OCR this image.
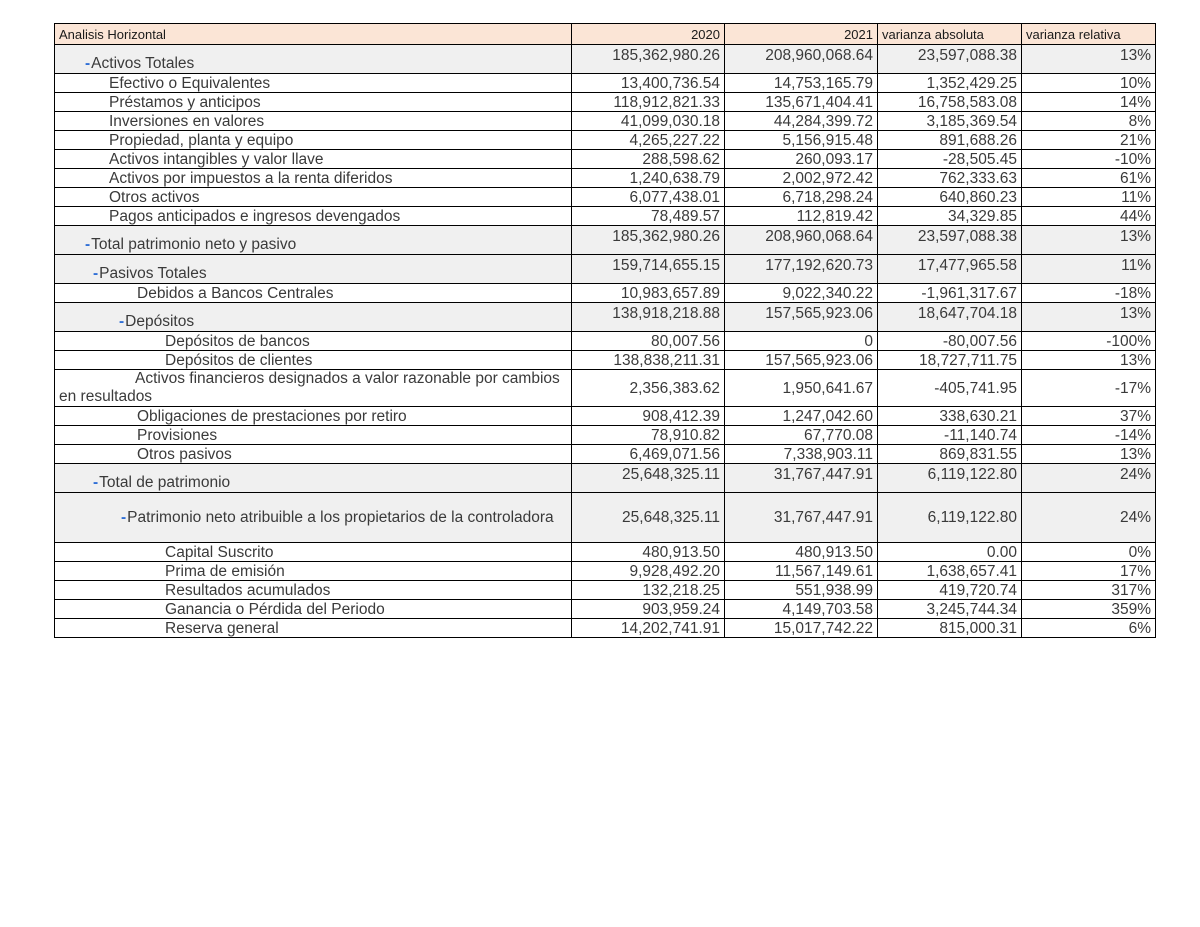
Analisis Horizontal	2020	2021	varianza absoluta	varianza relativa
-Activos Totales	185,362,980.26	208,960,068.64	23,597,088.38	13%
Efectivo o Equivalentes	13,400,736.54	14,753,165.79	1,352,429.25	10%
Préstamos y anticipos	118,912,821.33	135,671,404.41	16,758,583.08	14%
Inversiones en valores	41,099,030.18	44,284,399.72	3,185,369.54	8%
Propiedad, planta y equipo	4,265,227.22	5,156,915.48	891,688.26	21%
Activos intangibles y valor llave	288,598.62	260,093.17	-28,505.45	-10%
Activos por impuestos a la renta diferidos	1,240,638.79	2,002,972.42	762,333.63	61%
Otros activos	6,077,438.01	6,718,298.24	640,860.23	11%
Pagos anticipados e ingresos devengados	78,489.57	112,819.42	34,329.85	44%
-Total patrimonio neto y pasivo	185,362,980.26	208,960,068.64	23,597,088.38	13%
-Pasivos Totales	159,714,655.15	177,192,620.73	17,477,965.58	11%
Debidos a Bancos Centrales	10,983,657.89	9,022,340.22	-1,961,317.67	-18%
-Depósitos	138,918,218.88	157,565,923.06	18,647,704.18	13%
Depósitos de bancos	80,007.56	0	-80,007.56	-100%
Depósitos de clientes	138,838,211.31	157,565,923.06	18,727,711.75	13%
Activos financieros designados a valor razonable por cambios en resultados	2,356,383.62	1,950,641.67	-405,741.95	-17%
Obligaciones de prestaciones por retiro	908,412.39	1,247,042.60	338,630.21	37%
Provisiones	78,910.82	67,770.08	-11,140.74	-14%
Otros pasivos	6,469,071.56	7,338,903.11	869,831.55	13%
-Total de patrimonio	25,648,325.11	31,767,447.91	6,119,122.80	24%
-Patrimonio neto atribuible a los propietarios de la controladora	25,648,325.11	31,767,447.91	6,119,122.80	24%
Capital Suscrito	480,913.50	480,913.50	0.00	0%
Prima de emisión	9,928,492.20	11,567,149.61	1,638,657.41	17%
Resultados acumulados	132,218.25	551,938.99	419,720.74	317%
Ganancia o Pérdida del Periodo	903,959.24	4,149,703.58	3,245,744.34	359%
Reserva general	14,202,741.91	15,017,742.22	815,000.31	6%
